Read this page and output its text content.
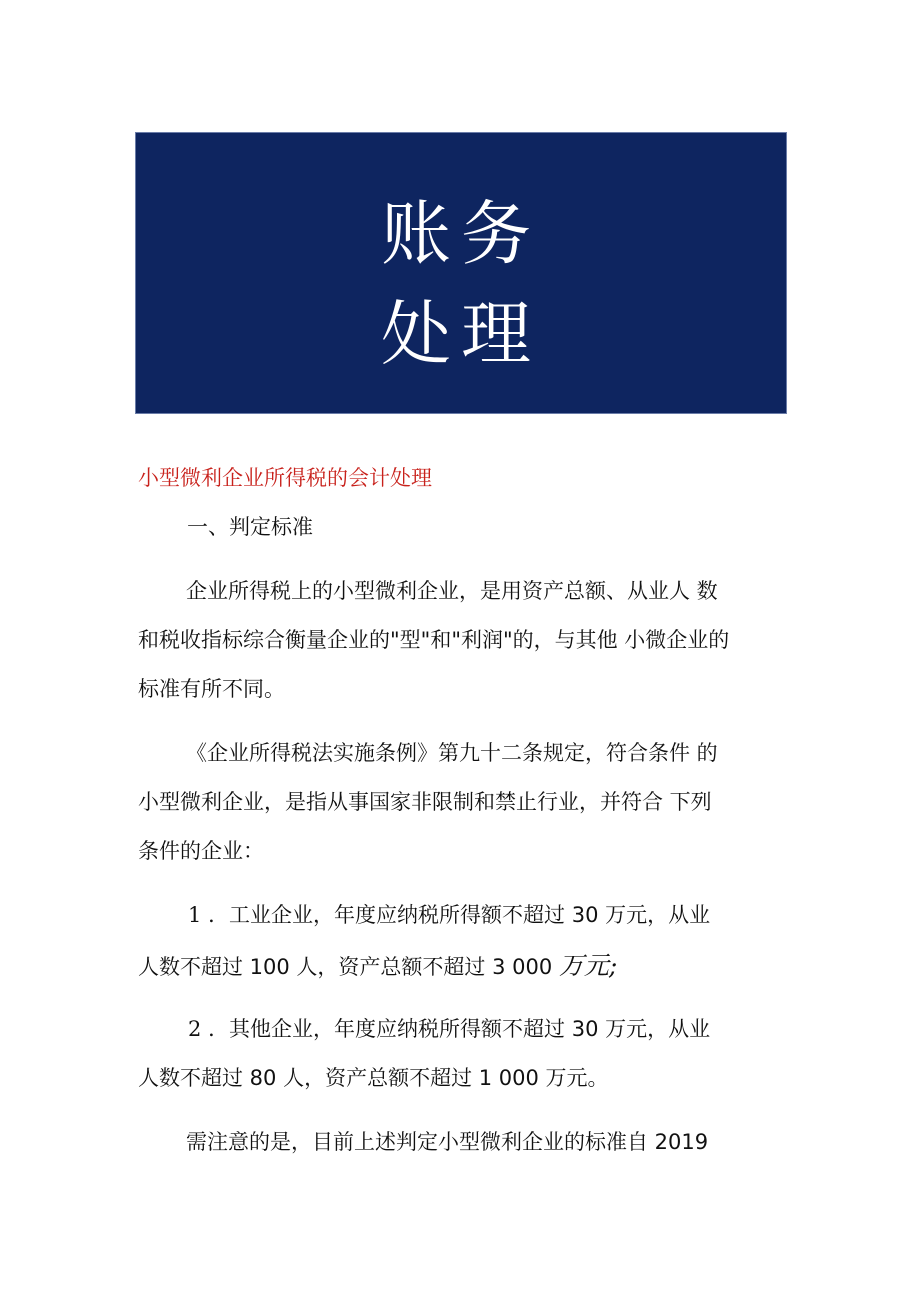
账务
处理
小型微利企业所得税的会计处理
一、判定标准
企业所得税上的小型微利企业，是用资产总额、从业人 数
和税收指标综合衡量企业的"型"和"利润"的，与其他 小微企业的
标准有所不同。
《企业所得税法实施条例》第九十二条规定，符合条件 的
小型微利企业，是指从事国家非限制和禁止行业，并符合 下列
条件的企业：
1 ．工业企业，年度应纳税所得额不超过 30 万元，从业
人数不超过 100 人，资产总额不超过 3 000 万元;
2 ．其他企业，年度应纳税所得额不超过 30 万元，从业
人数不超过 80 人，资产总额不超过 1 000 万元。
需注意的是，目前上述判定小型微利企业的标准自 2019
